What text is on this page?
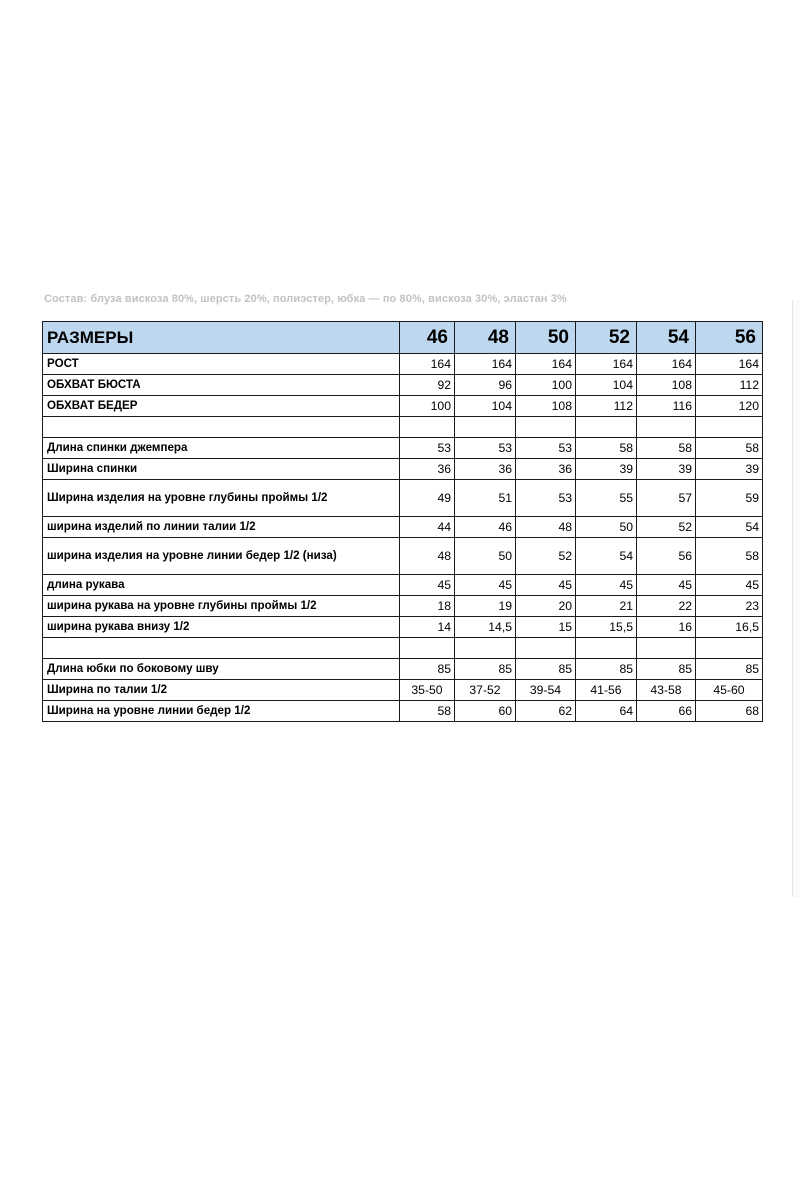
Состав: блуза вискоза 80%, шерсть 20%, полиэстер, юбка — по 80%, вискоза 30%, эластан 3%
РАЗМЕРЫ	46	48	50	52	54	56
РОСТ	164	164	164	164	164	164
ОБХВАТ БЮСТА	92	96	100	104	108	112
ОБХВАТ БЕДЕР	100	104	108	112	116	120

Длина спинки джемпера	53	53	53	58	58	58
Ширина спинки	36	36	36	39	39	39
Ширина изделия на уровне глубины проймы 1/2	49	51	53	55	57	59
ширина изделий по линии талии 1/2	44	46	48	50	52	54
ширина изделия на уровне линии бедер 1/2 (низа)	48	50	52	54	56	58
длина рукава	45	45	45	45	45	45
ширина рукава на уровне глубины проймы 1/2	18	19	20	21	22	23
ширина рукава внизу 1/2	14	14,5	15	15,5	16	16,5

Длина юбки по боковому шву	85	85	85	85	85	85
Ширина по талии 1/2	35-50	37-52	39-54	41-56	43-58	45-60
Ширина на уровне линии бедер 1/2	58	60	62	64	66	68
